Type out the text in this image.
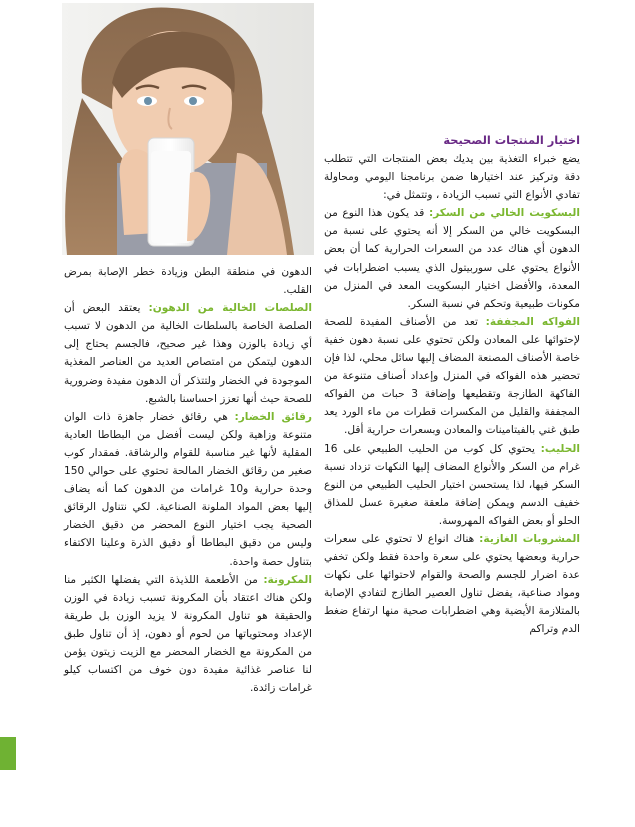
اختيار المنتجات الصحيحة

يضع خبراء التغذية بين يديك بعض المنتجات التي تتطلب دقة وتركيز عند اختيارها ضمن برنامجنا اليومي ومحاولة تفادي الأنواع التي تسبب الزيادة ، وتتمثل في:

البسكويت الخالي من السكر: قد يكون هذا النوع من البسكويت خالي من السكر إلا أنه يحتوي على نسبة من الدهون أي هناك عدد من السعرات الحرارية كما أن بعض الأنواع يحتوي على سوربيتول الذي يسبب اضطرابات في المعدة، والأفضل اختيار البسكويت المعد في المنزل من مكونات طبيعية وتحكم في نسبة السكر.

الفواكه المجففة: تعد من الأصناف المفيدة للصحة لإحتوائها على المعادن ولكن تحتوي على نسبة دهون خفية خاصة الأصناف المصنعة المضاف إليها سائل محلي، لذا فإن تحضير هذه الفواكه في المنزل وإعداد أصناف متنوعة من الفاكهة الطازجة وتقطيعها وإضافة 3 حبات من الفواكه المجففة والقليل من المكسرات قطرات من ماء الورد يعد طبق غني بالفيتامينات والمعادن وبسعرات حرارية أقل.

الحليب: يحتوي كل كوب من الحليب الطبيعي على 16 غرام من السكر والأنواع المضاف إليها النكهات تزداد نسبة السكر فيها، لذا يستحسن اختيار الحليب الطبيعي من النوع خفيف الدسم ويمكن إضافة ملعقة صغيرة عسل للمذاق الحلو أو بعض الفواكه المهروسة.

المشروبات الغازية: هناك انواع لا تحتوي على سعرات حرارية وبعضها يحتوي على سعرة واحدة فقط ولكن تخفي عدة اضرار للجسم والصحة والقوام لاحتوائها على نكهات ومواد صناعية، يفضل تناول العصير الطازج لتفادي الإصابة بالمتلازمة الأيضية وهي اضطرابات صحية منها ارتفاع ضغط الدم وتراكم

الدهون في منطقة البطن وزيادة خطر الإصابة بمرض القلب.

الصلصات الخالية من الدهون: يعتقد البعض أن الصلصة الخاصة بالسلطات الخالية من الدهون لا تسبب أي زيادة بالوزن وهذا غير صحيح، فالجسم يحتاج إلى الدهون ليتمكن من امتصاص العديد من العناصر المغذية الموجودة في الخضار ولتتذكر أن الدهون مفيدة وضرورية للصحة حيث أنها تعزز احساسنا بالشبع.

رقائق الخضار: هي رقائق خضار جاهزة ذات الوان متنوعة وزاهية ولكن ليست أفضل من البطاطا العادية المقلية لأنها غير مناسبة للقوام والرشاقة. فمقدار كوب صغير من رقائق الخضار المالحة تحتوي على حوالي 150 وحدة حرارية و10 غرامات من الدهون كما أنه يضاف إليها بعض المواد الملونة الصناعية. لكي نتناول الرقائق الصحية يجب اختيار النوع المحضر من دقيق الخضار وليس من دقيق البطاطا أو دقيق الذرة وعلينا الاكتفاء بتناول حصة واحدة.

المكرونة: من الأطعمة اللذيذة التي يفضلها الكثير منا ولكن هناك اعتقاد بأن المكرونة تسبب زيادة في الوزن والحقيقة هو تناول المكرونة لا يزيد الوزن بل طريقة الإعداد ومحتوياتها من لحوم أو دهون، إذ أن تناول طبق من المكرونة مع الخضار المحضر مع الزيت زيتون يؤمن لنا عناصر غذائية مفيدة دون خوف من اكتساب كيلو غرامات زائدة.
